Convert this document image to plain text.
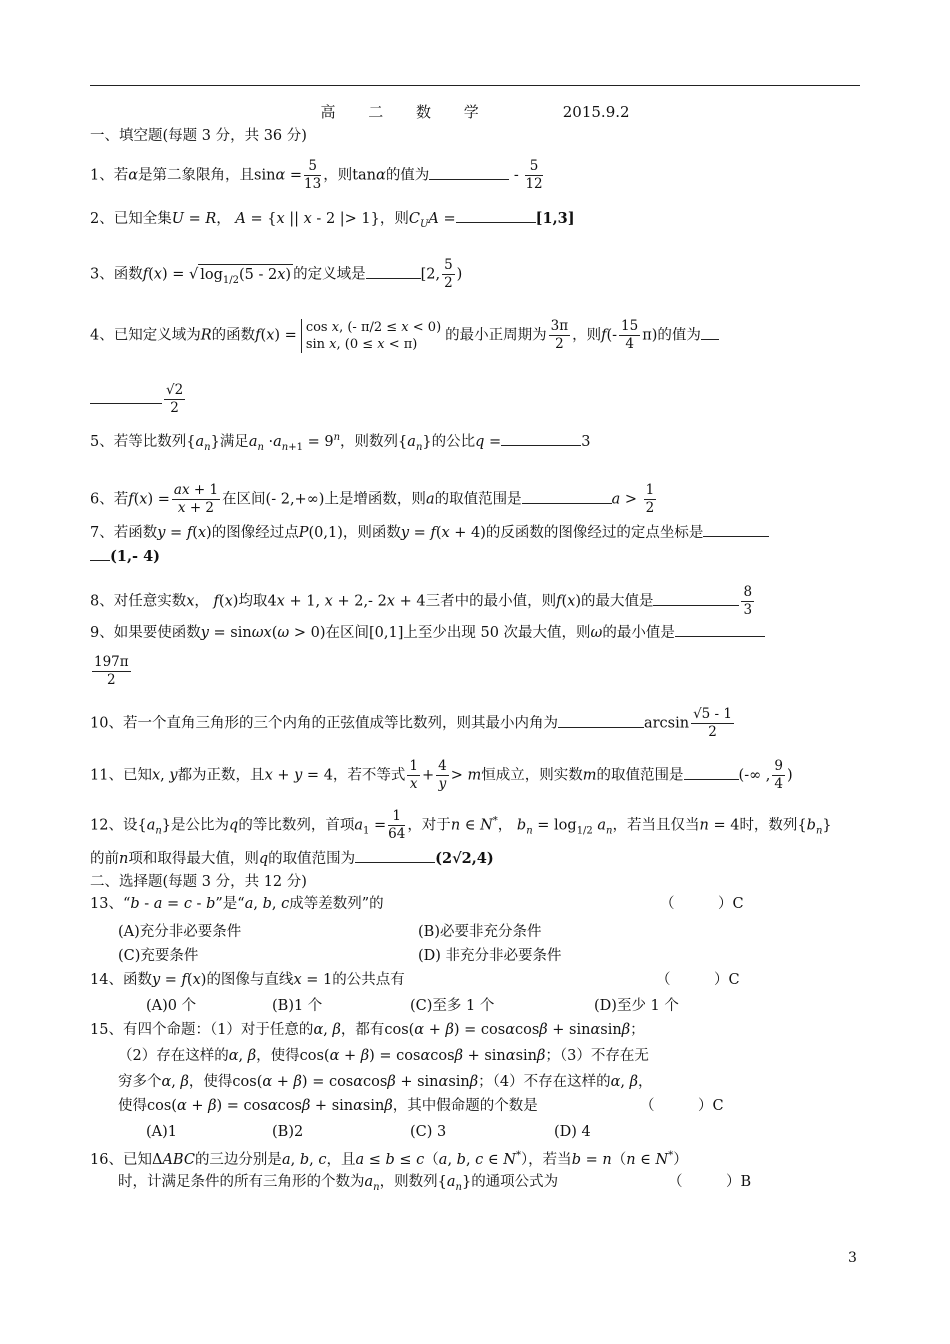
高 二 数 学	2015.9.2
一、填空题(每题 3 分，共 36 分)
1、若α是第二象限角，且$\sin\alpha = \frac{5}{13}$ ，则tanα的值为	- $\frac{5}{12}$
2、已知全集U = R， A = {x || x - 2 |> 1}，则$C_UA$ =	[1,3]
3、函数f(x) = √ $\log_{1/2}(5 - 2x)$ 的定义域是	[2, $\frac{5}{2}$ )
4、已知定义域为R的函数f(x) =
cos x, (- π/2 ≤ x < 0)
sin x, (0 ≤ x < π)
的最小正周期为 $\frac{3\pi}{2}$ ，则$f(- \frac{15}{4} \pi)$的值为
$\frac{√2}{2}$
5、若等比数列$\{a_n\}$满足$a_n \cdot a_{n+1} = 9^n$，则数列$\{a_n\}$的公比q =	3
6、若$f(x) = \frac{ax + 1}{x + 2}$ 在区间(- 2,+∞)上是增函数，则a的取值范围是	$a > \frac{1}{2}$
7、若函数y = f(x)的图像经过点P(0,1)，则函数y = f(x + 4)的反函数的图像经过的定点坐标是
(1,- 4)
8、对任意实数x， f(x)均取4x + 1, x + 2,- 2x + 4三者中的最小值，则f(x)的最大值是	$\frac{8}{3}$
9、如果要使函数y = sinωx(ω > 0)在区间[0,1]上至少出现 50 次最大值，则ω的最小值是
$\frac{197\pi}{2}$
10、若一个直角三角形的三个内角的正弦值成等比数列，则其最小内角为	$\arcsin \frac{√5 - 1}{2}$
11、已知x, y都为正数，且x + y = 4，若不等式 $\frac{1}{x} + \frac{4}{y} > m$恒成立，则实数m的取值范围是	(-∞ , $\frac{9}{4}$ )
12、设$\{a_n\}$是公比为q的等比数列，首项$a_1 = \frac{1}{64}$ ，对于n ∈ N*， $b_n = \log_{1/2} a_n$，若当且仅当n = 4时，数列$\{b_n\}$
的前n项和取得最大值，则q的取值范围为	(2√2,4)
二、选择题(每题 3 分，共 12 分)
13、“b - a = c - b”是“a, b, c成等差数列”的	（　　　）C
(A)充分非必要条件	(B)必要非充分条件
(C)充要条件	(D) 非充分非必要条件
14、函数y = f(x)的图像与直线x = 1的公共点有	（　　　）C
(A)0 个	(B)1 个	(C)至多 1 个	(D)至少 1 个
15、有四个命题：（1）对于任意的α, β，都有cos(α + β) = cosαcosβ + sinαsinβ；
（2）存在这样的α, β，使得cos(α + β) = cosαcosβ + sinαsinβ；（3）不存在无
穷多个α, β，使得cos(α + β) = cosαcosβ + sinαsinβ；（4）不存在这样的α, β，
使得cos(α + β) = cosαcosβ + sinαsinβ，其中假命题的个数是	（　　　）C
(A)1	(B)2	(C) 3	(D) 4
16、已知ΔABC的三边分别是a, b, c，且a ≤ b ≤ c（a, b, c ∈ N*），若当b = n（n ∈ N*）
时，计满足条件的所有三角形的个数为$a_n$，则数列$\{a_n\}$的通项公式为	（　　　）B
3
